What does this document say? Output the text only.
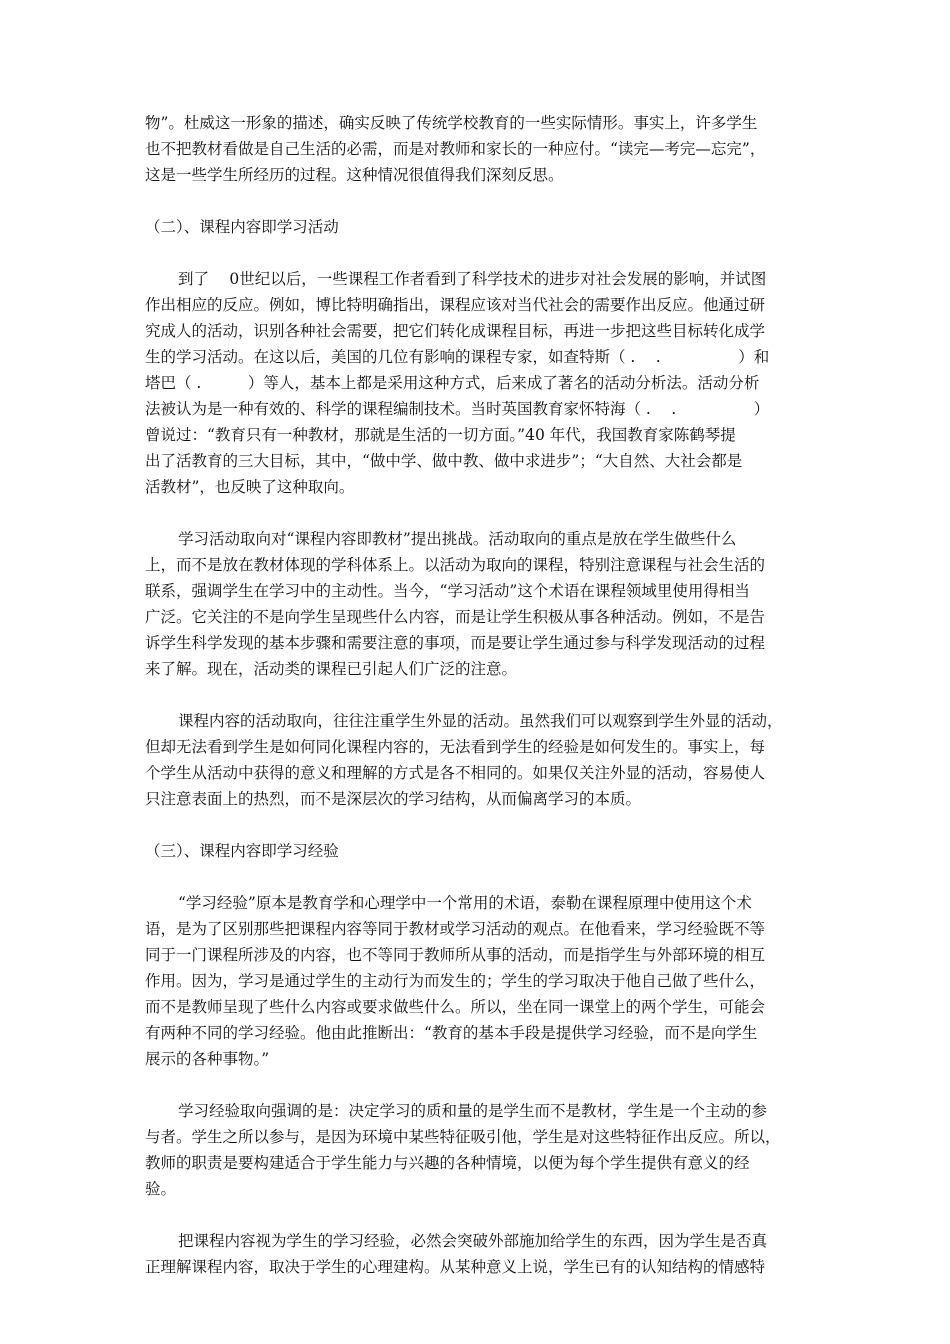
物”。杜威这一形象的描述，确实反映了传统学校教育的一些实际情形。事实上，许多学生
也不把教材看做是自己生活的必需，而是对教师和家长的一种应付。“读完—考完—忘完”，
这是一些学生所经历的过程。这种情况很值得我们深刻反思。
（二）、课程内容即学习活动
到了　 0世纪以后，一些课程工作者看到了科学技术的进步对社会发展的影响，并试图
作出相应的反应。例如，博比特明确指出，课程应该对当代社会的需要作出反应。他通过研
究成人的活动，识别各种社会需要，把它们转化成课程目标，再进一步把这些目标转化成学
生的学习活动。在这以后，美国的几位有影响的课程专家，如查特斯（ .　 .　　　　　）和
塔巴（ .　　　）等人，基本上都是采用这种方式，后来成了著名的活动分析法。活动分析
法被认为是一种有效的、科学的课程编制技术。当时英国教育家怀特海（ .　 .　　　　　）
曾说过：“教育只有一种教材，那就是生活的一切方面。”40 年代，我国教育家陈鹤琴提
出了活教育的三大目标，其中，“做中学、做中教、做中求进步”；“大自然、大社会都是
活教材”，也反映了这种取向。
学习活动取向对“课程内容即教材”提出挑战。活动取向的重点是放在学生做些什么
上，而不是放在教材体现的学科体系上。以活动为取向的课程，特别注意课程与社会生活的
联系，强调学生在学习中的主动性。当今，“学习活动”这个术语在课程领域里使用得相当
广泛。它关注的不是向学生呈现些什么内容，而是让学生积极从事各种活动。例如，不是告
诉学生科学发现的基本步骤和需要注意的事项，而是要让学生通过参与科学发现活动的过程
来了解。现在，活动类的课程已引起人们广泛的注意。
课程内容的活动取向，往往注重学生外显的活动。虽然我们可以观察到学生外显的活动，
但却无法看到学生是如何同化课程内容的，无法看到学生的经验是如何发生的。事实上，每
个学生从活动中获得的意义和理解的方式是各不相同的。如果仅关注外显的活动，容易使人
只注意表面上的热烈，而不是深层次的学习结构，从而偏离学习的本质。
（三）、课程内容即学习经验
“学习经验”原本是教育学和心理学中一个常用的术语，泰勒在课程原理中使用这个术
语，是为了区别那些把课程内容等同于教材或学习活动的观点。在他看来，学习经验既不等
同于一门课程所涉及的内容，也不等同于教师所从事的活动，而是指学生与外部环境的相互
作用。因为，学习是通过学生的主动行为而发生的；学生的学习取决于他自己做了些什么，
而不是教师呈现了些什么内容或要求做些什么。所以，坐在同一课堂上的两个学生，可能会
有两种不同的学习经验。他由此推断出：“教育的基本手段是提供学习经验，而不是向学生
展示的各种事物。”
学习经验取向强调的是：决定学习的质和量的是学生而不是教材，学生是一个主动的参
与者。学生之所以参与，是因为环境中某些特征吸引他，学生是对这些特征作出反应。所以，
教师的职责是要构建适合于学生能力与兴趣的各种情境，以便为每个学生提供有意义的经
验。
把课程内容视为学生的学习经验，必然会突破外部施加给学生的东西，因为学生是否真
正理解课程内容，取决于学生的心理建构。从某种意义上说，学生已有的认知结构的情感特
